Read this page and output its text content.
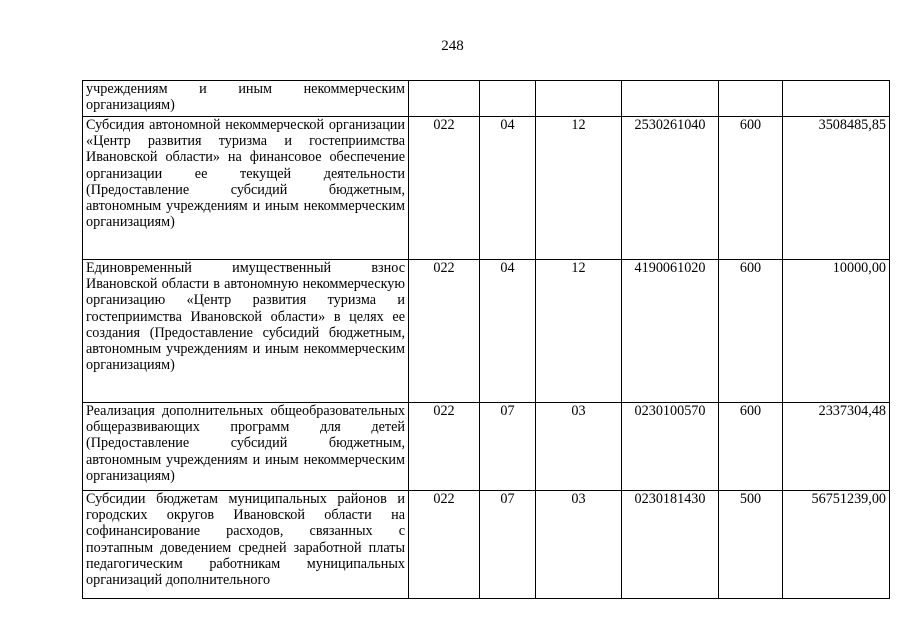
248
учреждениям и иным некоммерческим организациям)						
Субсидия автономной некоммерческой организации «Центр развития туризма и гостеприимства Ивановской области» на финансовое обеспечение организации ее текущей деятельности (Предоставление субсидий бюджетным, автономным учреждениям и иным некоммерческим организациям)	022	04	12	2530261040	600	3508485,85
Единовременный имущественный взнос Ивановской области в автономную некоммерческую организацию «Центр развития туризма и гостеприимства Ивановской области» в целях ее создания (Предоставление субсидий бюджетным, автономным учреждениям и иным некоммерческим организациям)	022	04	12	4190061020	600	10000,00
Реализация дополнительных общеобразовательных общеразвивающих программ для детей (Предоставление субсидий бюджетным, автономным учреждениям и иным некоммерческим организациям)	022	07	03	0230100570	600	2337304,48
Субсидии бюджетам муниципальных районов и городских округов Ивановской области на софинансирование расходов, связанных с поэтапным доведением средней заработной платы педагогическим работникам муниципальных организаций дополнительного	022	07	03	0230181430	500	56751239,00
